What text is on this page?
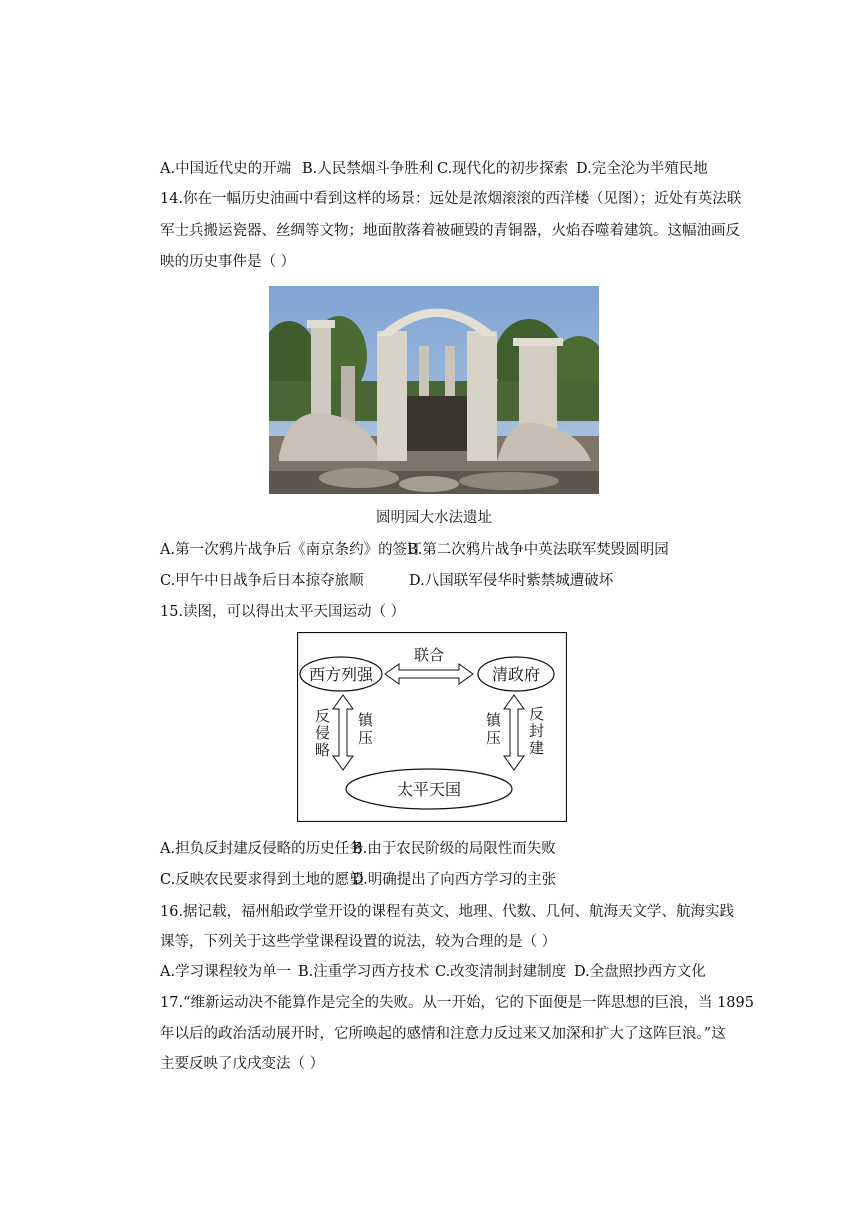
A.中国近代史的开端 B.人民禁烟斗争胜利 C.现代化的初步探索 D.完全沦为半殖民地
14.你在一幅历史油画中看到这样的场景：远处是浓烟滚滚的西洋楼（见图）；近处有英法联
军士兵搬运瓷器、丝绸等文物；地面散落着被砸毁的青铜器，火焰吞噬着建筑。这幅油画反
映的历史事件是（ ）
圆明园大水法遗址
A.第一次鸦片战争后《南京条约》的签订
B.第二次鸦片战争中英法联军焚毁圆明园
C.甲午中日战争后日本掠夺旅顺	D.八国联军侵华时紫禁城遭破坏
15.读图，可以得出太平天国运动（ ）
西方列强	清政府
太平天国
联合
反侵略
镇压
镇压
反封建
A.担负反封建反侵略的历史任务
B.由于农民阶级的局限性而失败
C.反映农民要求得到土地的愿望
D.明确提出了向西方学习的主张
16.据记载，福州船政学堂开设的课程有英文、地理、代数、几何、航海天文学、航海实践
课等，下列关于这些学堂课程设置的说法，较为合理的是（ ）
A.学习课程较为单一 B.注重学习西方技术 C.改变清制封建制度 D.全盘照抄西方文化
17.“维新运动决不能算作是完全的失败。从一开始，它的下面便是一阵思想的巨浪，当 1895
年以后的政治活动展开时，它所唤起的感情和注意力反过来又加深和扩大了这阵巨浪。”这
主要反映了戊戌变法（ ）
